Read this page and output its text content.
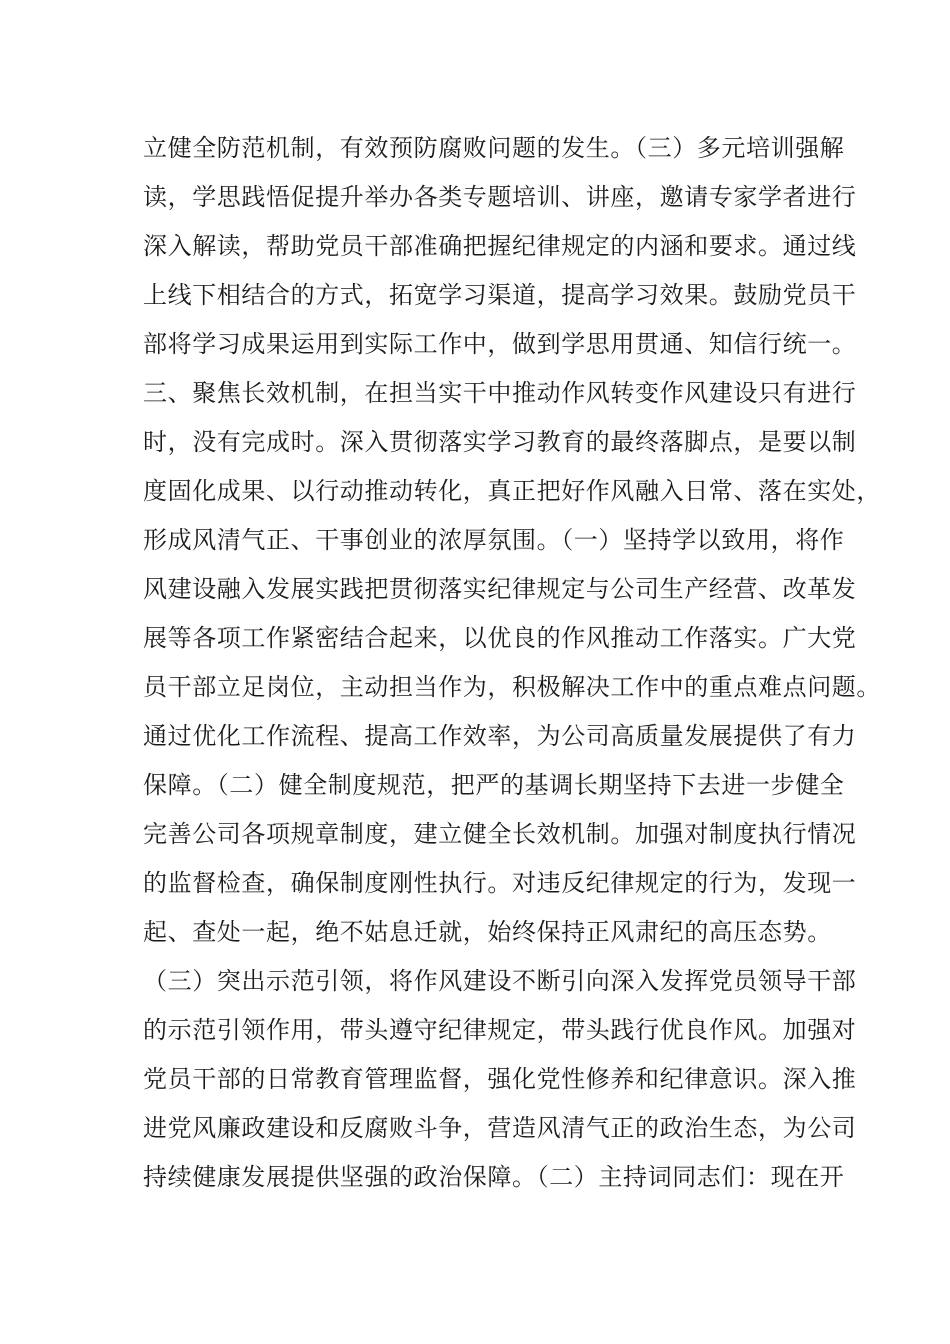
立健全防范机制，有效预防腐败问题的发生。（三）多元培训强解
读，学思践悟促提升举办各类专题培训、讲座，邀请专家学者进行
深入解读，帮助党员干部准确把握纪律规定的内涵和要求。通过线
上线下相结合的方式，拓宽学习渠道，提高学习效果。鼓励党员干
部将学习成果运用到实际工作中，做到学思用贯通、知信行统一。
三、聚焦长效机制，在担当实干中推动作风转变作风建设只有进行
时，没有完成时。深入贯彻落实学习教育的最终落脚点，是要以制
度固化成果、以行动推动转化，真正把好作风融入日常、落在实处，
形成风清气正、干事创业的浓厚氛围。（一）坚持学以致用，将作
风建设融入发展实践把贯彻落实纪律规定与公司生产经营、改革发
展等各项工作紧密结合起来，以优良的作风推动工作落实。广大党
员干部立足岗位，主动担当作为，积极解决工作中的重点难点问题。
通过优化工作流程、提高工作效率，为公司高质量发展提供了有力
保障。（二）健全制度规范，把严的基调长期坚持下去进一步健全
完善公司各项规章制度，建立健全长效机制。加强对制度执行情况
的监督检查，确保制度刚性执行。对违反纪律规定的行为，发现一
起、查处一起，绝不姑息迁就，始终保持正风肃纪的高压态势。
（三）突出示范引领，将作风建设不断引向深入发挥党员领导干部
的示范引领作用，带头遵守纪律规定，带头践行优良作风。加强对
党员干部的日常教育管理监督，强化党性修养和纪律意识。深入推
进党风廉政建设和反腐败斗争，营造风清气正的政治生态，为公司
持续健康发展提供坚强的政治保障。（二）主持词同志们：现在开
